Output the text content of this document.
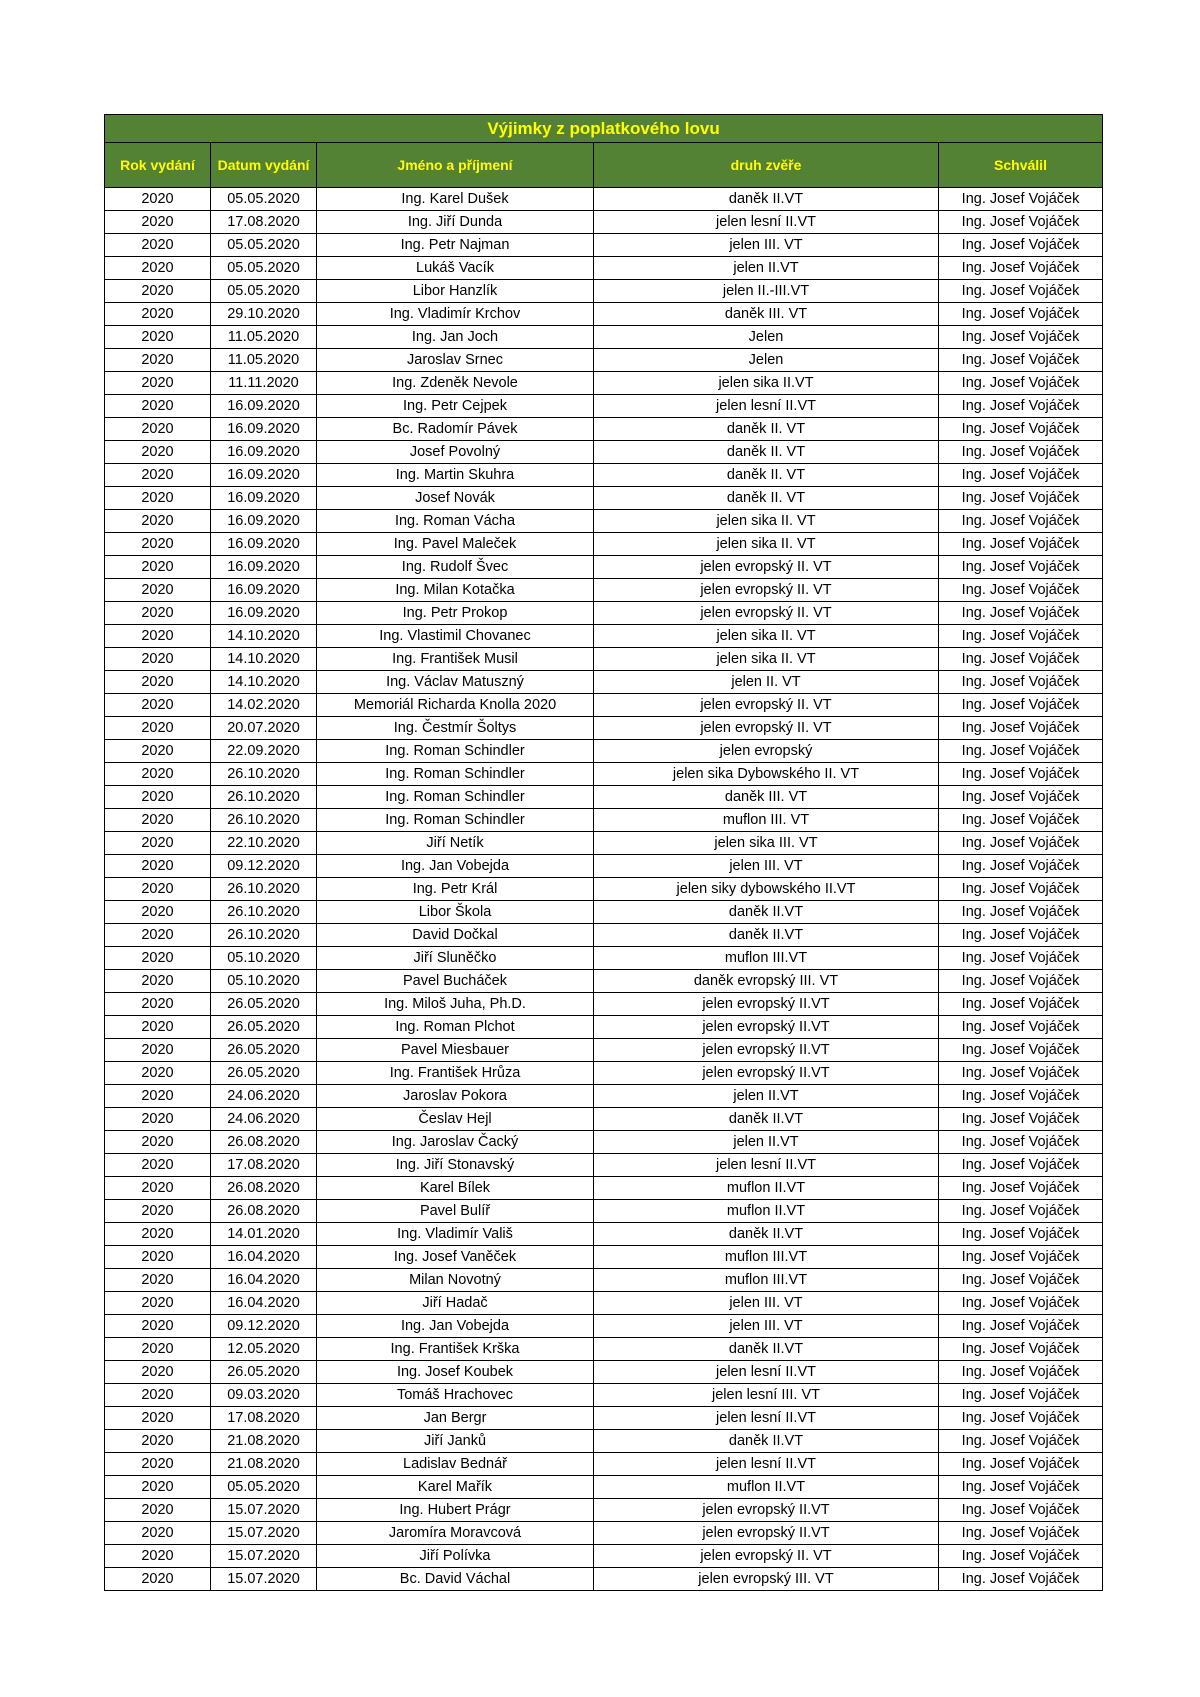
Výjimky z poplatkového lovu				
Rok vydání	Datum vydání	Jméno a příjmení	druh zvěře	Schválil
2020	05.05.2020	Ing. Karel Dušek	daněk II.VT	Ing. Josef Vojáček
2020	17.08.2020	Ing. Jiří Dunda	jelen lesní II.VT	Ing. Josef Vojáček
2020	05.05.2020	Ing. Petr Najman	jelen III. VT	Ing. Josef Vojáček
2020	05.05.2020	Lukáš Vacík	jelen II.VT	Ing. Josef Vojáček
2020	05.05.2020	Libor Hanzlík	jelen II.-III.VT	Ing. Josef Vojáček
2020	29.10.2020	Ing. Vladimír Krchov	daněk III. VT	Ing. Josef Vojáček
2020	11.05.2020	Ing. Jan Joch	Jelen	Ing. Josef Vojáček
2020	11.05.2020	Jaroslav Srnec	Jelen	Ing. Josef Vojáček
2020	11.11.2020	Ing. Zdeněk Nevole	jelen sika II.VT	Ing. Josef Vojáček
2020	16.09.2020	Ing. Petr Cejpek	jelen lesní II.VT	Ing. Josef Vojáček
2020	16.09.2020	Bc. Radomír Pávek	daněk II. VT	Ing. Josef Vojáček
2020	16.09.2020	Josef Povolný	daněk II. VT	Ing. Josef Vojáček
2020	16.09.2020	Ing. Martin Skuhra	daněk II. VT	Ing. Josef Vojáček
2020	16.09.2020	Josef Novák	daněk II. VT	Ing. Josef Vojáček
2020	16.09.2020	Ing. Roman Vácha	jelen sika II. VT	Ing. Josef Vojáček
2020	16.09.2020	Ing. Pavel Maleček	jelen sika II. VT	Ing. Josef Vojáček
2020	16.09.2020	Ing. Rudolf Švec	jelen evropský II. VT	Ing. Josef Vojáček
2020	16.09.2020	Ing. Milan Kotačka	jelen evropský II. VT	Ing. Josef Vojáček
2020	16.09.2020	Ing. Petr Prokop	jelen evropský II. VT	Ing. Josef Vojáček
2020	14.10.2020	Ing. Vlastimil Chovanec	jelen sika II. VT	Ing. Josef Vojáček
2020	14.10.2020	Ing. František Musil	jelen sika II. VT	Ing. Josef Vojáček
2020	14.10.2020	Ing. Václav Matuszný	jelen II. VT	Ing. Josef Vojáček
2020	14.02.2020	Memoriál Richarda Knolla 2020	jelen evropský II. VT	Ing. Josef Vojáček
2020	20.07.2020	Ing. Čestmír Šoltys	jelen evropský II. VT	Ing. Josef Vojáček
2020	22.09.2020	Ing. Roman Schindler	jelen evropský	Ing. Josef Vojáček
2020	26.10.2020	Ing. Roman Schindler	jelen sika Dybowského II. VT	Ing. Josef Vojáček
2020	26.10.2020	Ing. Roman Schindler	daněk III. VT	Ing. Josef Vojáček
2020	26.10.2020	Ing. Roman Schindler	muflon III. VT	Ing. Josef Vojáček
2020	22.10.2020	Jiří Netík	jelen sika III. VT	Ing. Josef Vojáček
2020	09.12.2020	Ing. Jan Vobejda	jelen III. VT	Ing. Josef Vojáček
2020	26.10.2020	Ing. Petr Král	jelen siky dybowského II.VT	Ing. Josef Vojáček
2020	26.10.2020	Libor Škola	daněk II.VT	Ing. Josef Vojáček
2020	26.10.2020	David Dočkal	daněk II.VT	Ing. Josef Vojáček
2020	05.10.2020	Jiří Sluněčko	muflon III.VT	Ing. Josef Vojáček
2020	05.10.2020	Pavel Bucháček	daněk evropský III. VT	Ing. Josef Vojáček
2020	26.05.2020	Ing. Miloš Juha, Ph.D.	jelen evropský II.VT	Ing. Josef Vojáček
2020	26.05.2020	Ing. Roman Plchot	jelen evropský II.VT	Ing. Josef Vojáček
2020	26.05.2020	Pavel Miesbauer	jelen evropský II.VT	Ing. Josef Vojáček
2020	26.05.2020	Ing. František Hrůza	jelen evropský II.VT	Ing. Josef Vojáček
2020	24.06.2020	Jaroslav Pokora	jelen II.VT	Ing. Josef Vojáček
2020	24.06.2020	Česlav Hejl	daněk II.VT	Ing. Josef Vojáček
2020	26.08.2020	Ing. Jaroslav Čacký	jelen II.VT	Ing. Josef Vojáček
2020	17.08.2020	Ing. Jiří Stonavský	jelen lesní II.VT	Ing. Josef Vojáček
2020	26.08.2020	Karel Bílek	muflon II.VT	Ing. Josef Vojáček
2020	26.08.2020	Pavel Bulíř	muflon II.VT	Ing. Josef Vojáček
2020	14.01.2020	Ing. Vladimír Vališ	daněk II.VT	Ing. Josef Vojáček
2020	16.04.2020	Ing. Josef Vaněček	muflon III.VT	Ing. Josef Vojáček
2020	16.04.2020	Milan Novotný	muflon III.VT	Ing. Josef Vojáček
2020	16.04.2020	Jiří Hadač	jelen III. VT	Ing. Josef Vojáček
2020	09.12.2020	Ing. Jan Vobejda	jelen III. VT	Ing. Josef Vojáček
2020	12.05.2020	Ing. František Krška	daněk II.VT	Ing. Josef Vojáček
2020	26.05.2020	Ing. Josef Koubek	jelen lesní II.VT	Ing. Josef Vojáček
2020	09.03.2020	Tomáš Hrachovec	jelen lesní III. VT	Ing. Josef Vojáček
2020	17.08.2020	Jan Bergr	jelen lesní II.VT	Ing. Josef Vojáček
2020	21.08.2020	Jiří Janků	daněk II.VT	Ing. Josef Vojáček
2020	21.08.2020	Ladislav Bednář	jelen lesní II.VT	Ing. Josef Vojáček
2020	05.05.2020	Karel Mařík	muflon II.VT	Ing. Josef Vojáček
2020	15.07.2020	Ing. Hubert Prágr	jelen evropský II.VT	Ing. Josef Vojáček
2020	15.07.2020	Jaromíra Moravcová	jelen evropský II.VT	Ing. Josef Vojáček
2020	15.07.2020	Jiří Polívka	jelen evropský II. VT	Ing. Josef Vojáček
2020	15.07.2020	Bc. David Váchal	jelen evropský III. VT	Ing. Josef Vojáček
